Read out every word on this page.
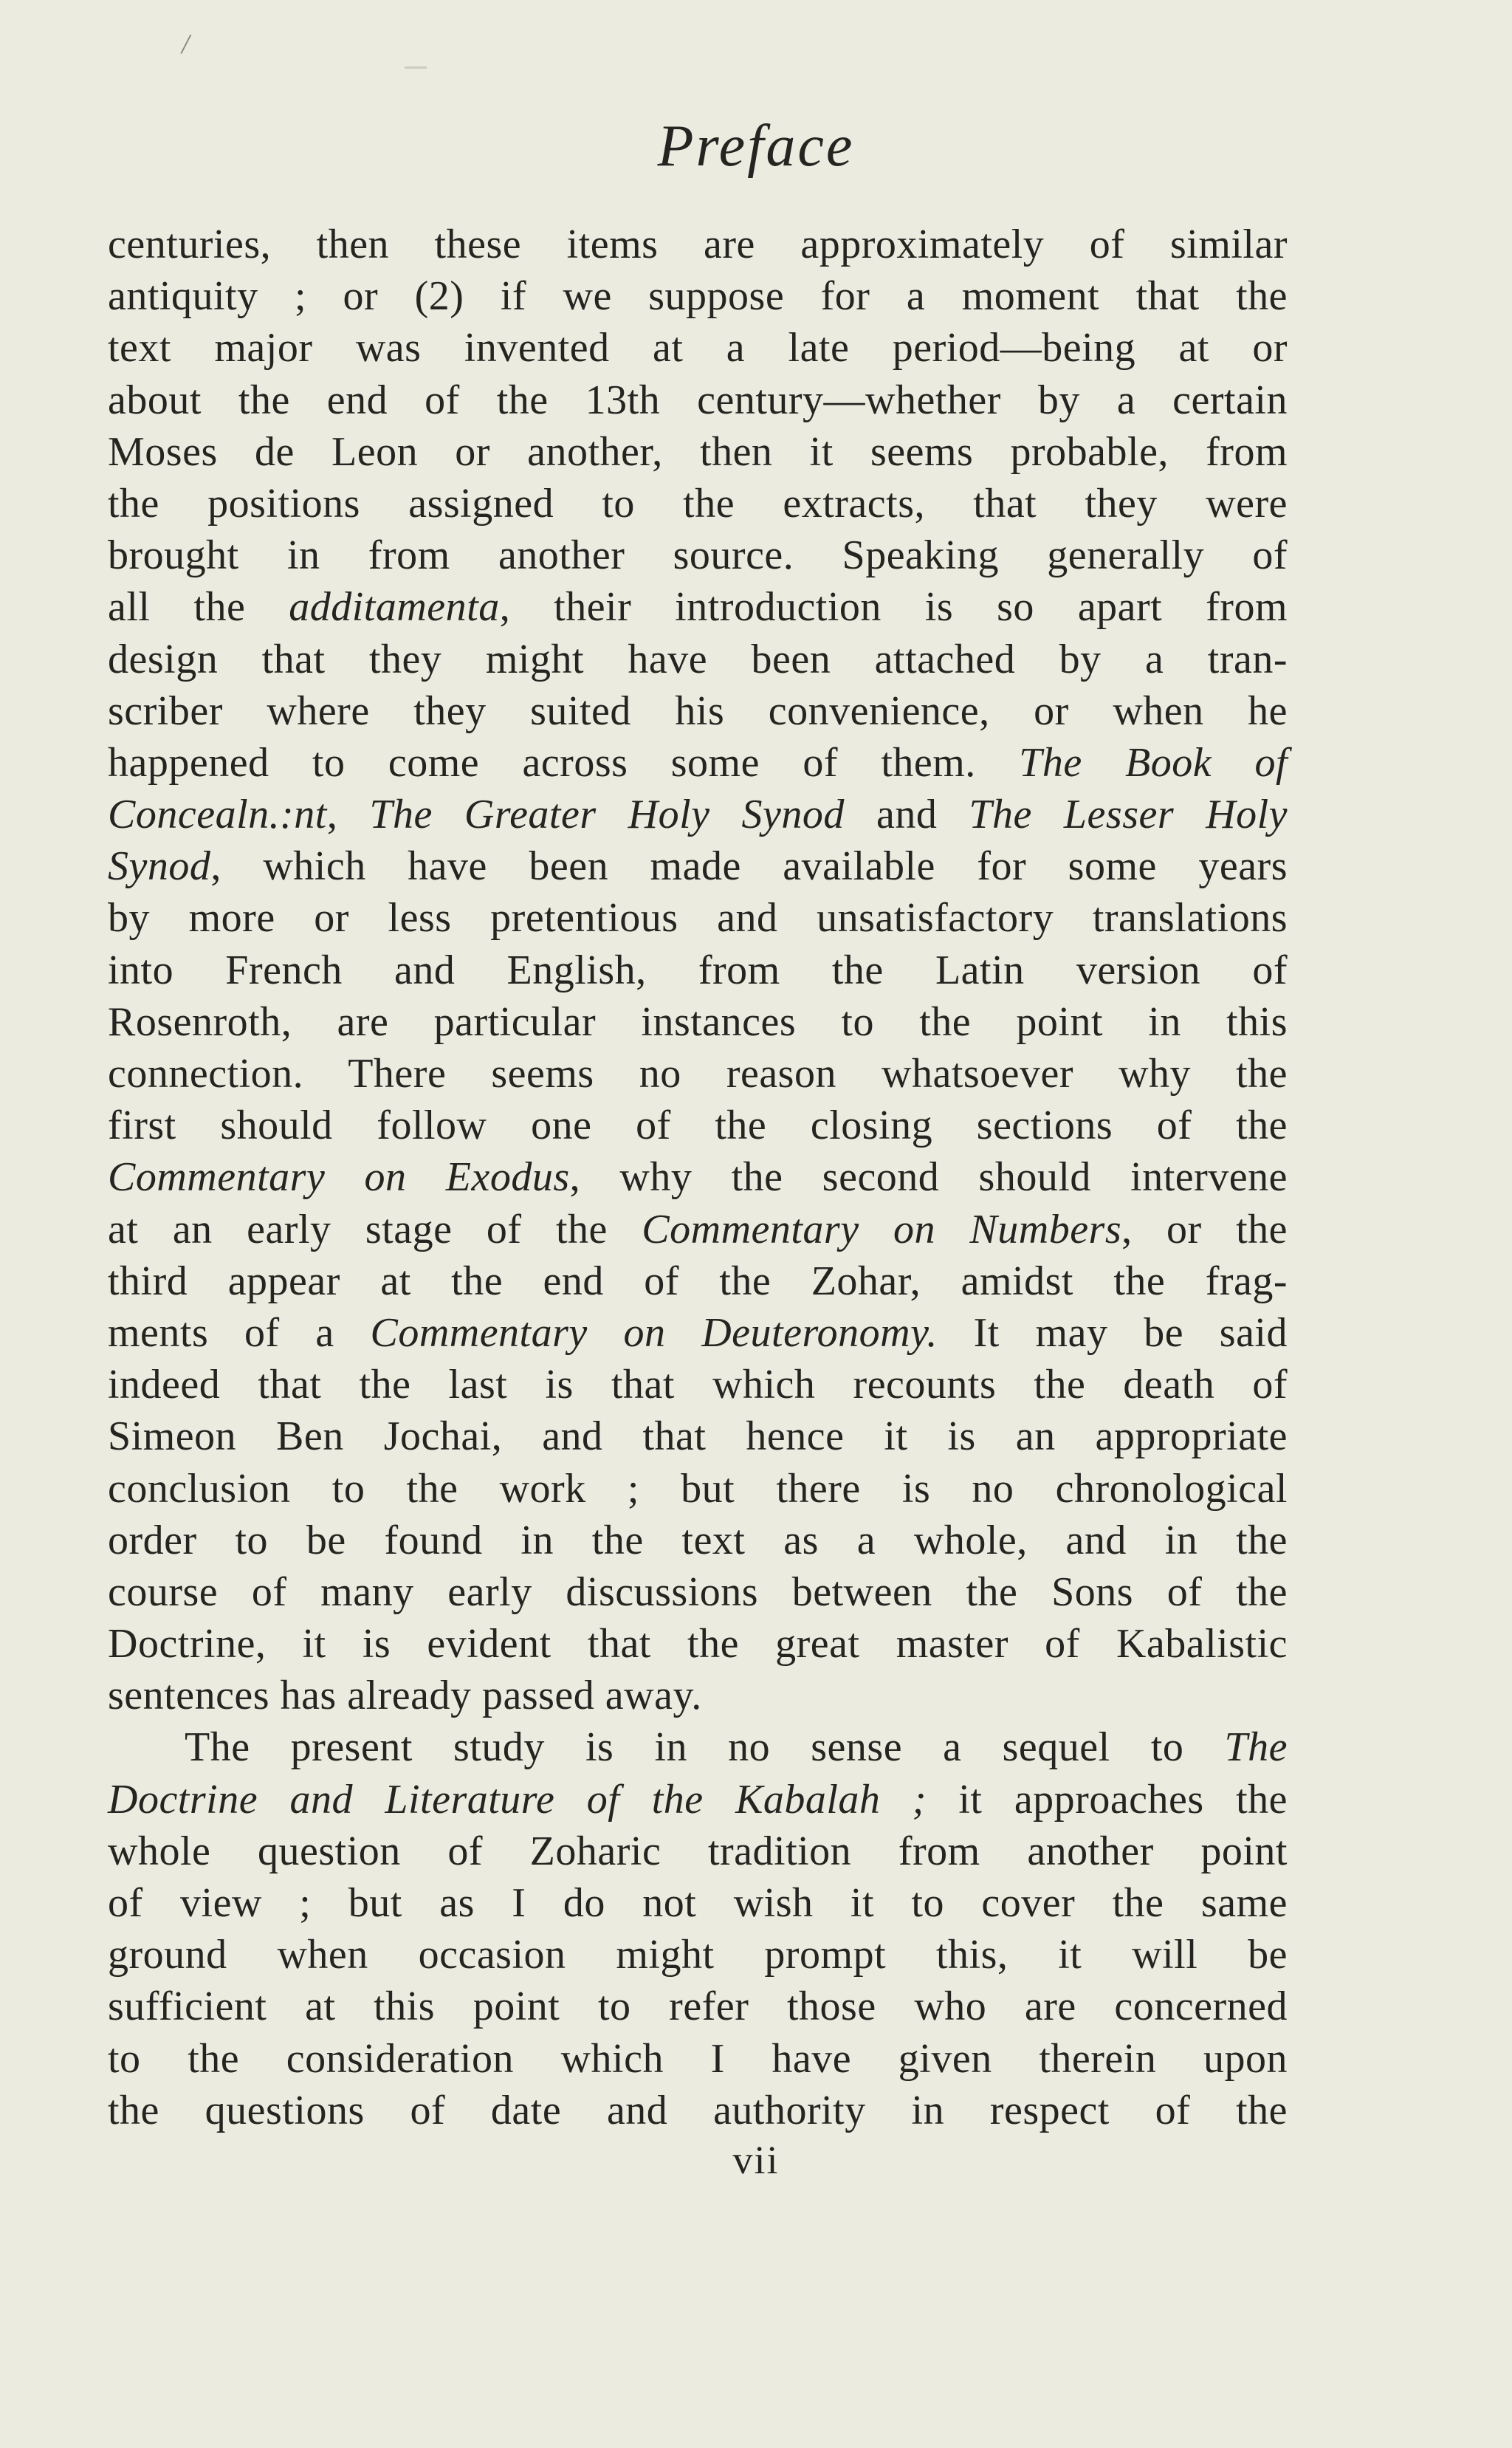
/
Preface
centuries, then these items are approximately of similar
antiquity ; or (2) if we suppose for a moment that the
text major was invented at a late period—being at or
about the end of the 13th century—whether by a certain
Moses de Leon or another, then it seems probable, from
the positions assigned to the extracts, that they were
brought in from another source. Speaking generally of
all the additamenta, their introduction is so apart from
design that they might have been attached by a tran-
scriber where they suited his convenience, or when he
happened to come across some of them. The Book of
Concealn.:nt, The Greater Holy Synod and The Lesser Holy
Synod, which have been made available for some years
by more or less pretentious and unsatisfactory translations
into French and English, from the Latin version of
Rosenroth, are particular instances to the point in this
connection. There seems no reason whatsoever why the
first should follow one of the closing sections of the
Commentary on Exodus, why the second should intervene
at an early stage of the Commentary on Numbers, or the
third appear at the end of the Zohar, amidst the frag-
ments of a Commentary on Deuteronomy. It may be said
indeed that the last is that which recounts the death of
Simeon Ben Jochai, and that hence it is an appropriate
conclusion to the work ; but there is no chronological
order to be found in the text as a whole, and in the
course of many early discussions between the Sons of the
Doctrine, it is evident that the great master of Kabalistic
sentences has already passed away.
The present study is in no sense a sequel to The
Doctrine and Literature of the Kabalah ; it approaches the
whole question of Zoharic tradition from another point
of view ; but as I do not wish it to cover the same
ground when occasion might prompt this, it will be
sufficient at this point to refer those who are concerned
to the consideration which I have given therein upon
the questions of date and authority in respect of the
vii
